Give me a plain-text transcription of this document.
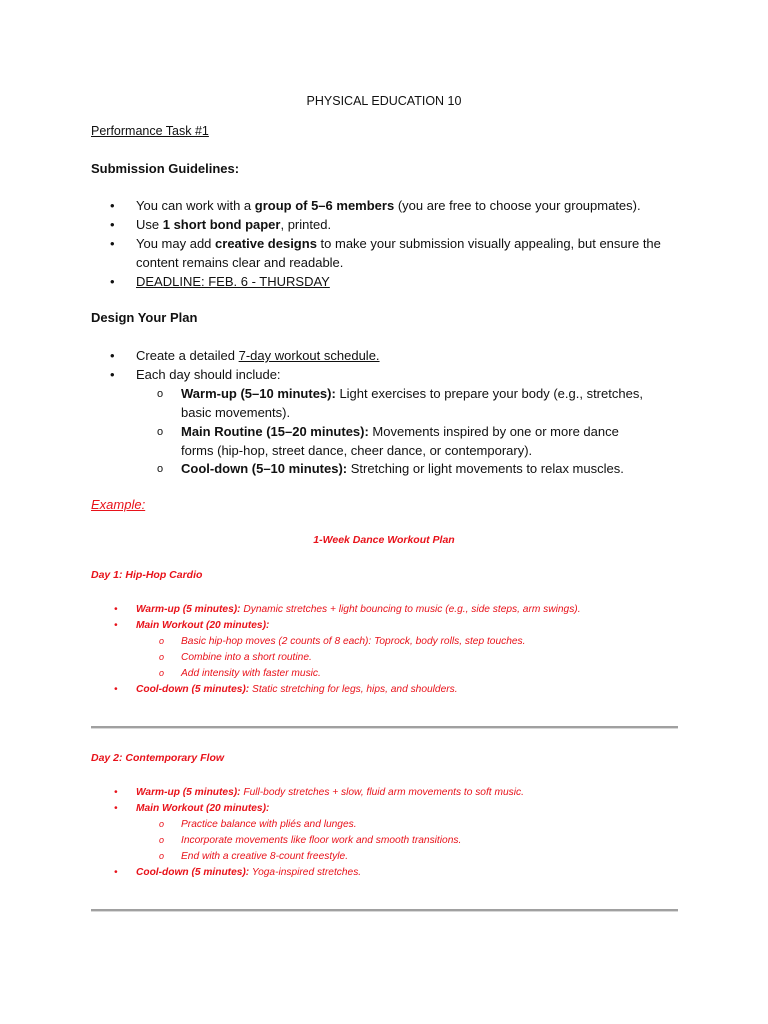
PHYSICAL EDUCATION 10
Performance Task #1
Submission Guidelines:
• You can work with a group of 5–6 members (you are free to choose your groupmates).
• Use 1 short bond paper, printed.
• You may add creative designs to make your submission visually appealing, but ensure the
content remains clear and readable.
• DEADLINE: FEB. 6 - THURSDAY
Design Your Plan
• Create a detailed 7-day workout schedule.
• Each day should include:
o Warm-up (5–10 minutes): Light exercises to prepare your body (e.g., stretches,
basic movements).
o Main Routine (15–20 minutes): Movements inspired by one or more dance
forms (hip-hop, street dance, cheer dance, or contemporary).
o Cool-down (5–10 minutes): Stretching or light movements to relax muscles.
Example:
1-Week Dance Workout Plan
Day 1: Hip-Hop Cardio
• Warm-up (5 minutes): Dynamic stretches + light bouncing to music (e.g., side steps, arm swings).
• Main Workout (20 minutes):
o Basic hip-hop moves (2 counts of 8 each): Toprock, body rolls, step touches.
o Combine into a short routine.
o Add intensity with faster music.
• Cool-down (5 minutes): Static stretching for legs, hips, and shoulders.
Day 2: Contemporary Flow
• Warm-up (5 minutes): Full-body stretches + slow, fluid arm movements to soft music.
• Main Workout (20 minutes):
o Practice balance with pliés and lunges.
o Incorporate movements like floor work and smooth transitions.
o End with a creative 8-count freestyle.
• Cool-down (5 minutes): Yoga-inspired stretches.
